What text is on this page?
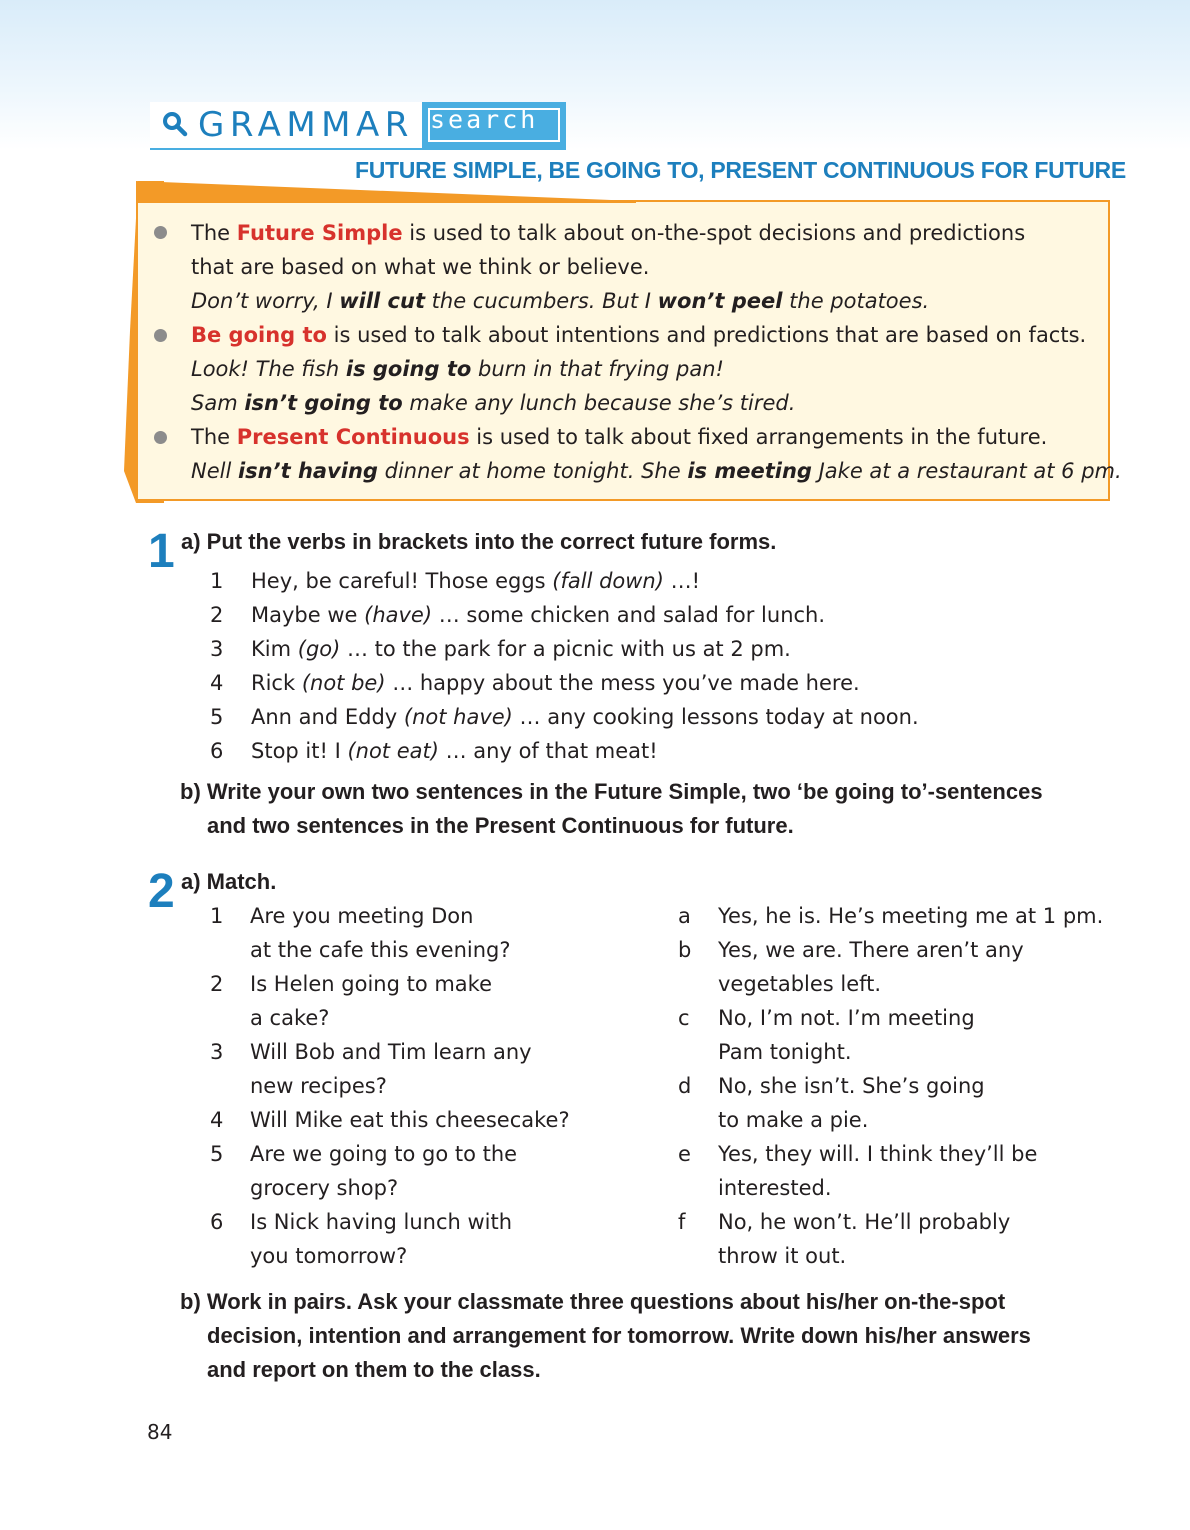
GRAMMAR search
FUTURE SIMPLE, BE GOING TO, PRESENT CONTINUOUS FOR FUTURE
The Future Simple is used to talk about on-the-spot decisions and predictions
that are based on what we think or believe.
Don’t worry, I will cut the cucumbers. But I won’t peel the potatoes.
Be going to is used to talk about intentions and predictions that are based on facts.
Look! The fish is going to burn in that frying pan!
Sam isn’t going to make any lunch because she’s tired.
The Present Continuous is used to talk about fixed arrangements in the future.
Nell isn’t having dinner at home tonight. She is meeting Jake at a restaurant at 6 pm.
1 a) Put the verbs in brackets into the correct future forms.
1 Hey, be careful! Those eggs (fall down) …!
2 Maybe we (have) … some chicken and salad for lunch.
3 Kim (go) … to the park for a picnic with us at 2 pm.
4 Rick (not be) … happy about the mess you’ve made here.
5 Ann and Eddy (not have) … any cooking lessons today at noon.
6 Stop it! I (not eat) … any of that meat!
b) Write your own two sentences in the Future Simple, two ‘be going to’-sentences
and two sentences in the Present Continuous for future.
2 a) Match.
1 Are you meeting Don
at the cafe this evening?
2 Is Helen going to make
a cake?
3 Will Bob and Tim learn any
new recipes?
4 Will Mike eat this cheesecake?
5 Are we going to go to the
grocery shop?
6 Is Nick having lunch with
you tomorrow?
a Yes, he is. He’s meeting me at 1 pm.
b Yes, we are. There aren’t any
vegetables left.
c No, I’m not. I’m meeting
Pam tonight.
d No, she isn’t. She’s going
to make a pie.
e Yes, they will. I think they’ll be
interested.
f No, he won’t. He’ll probably
throw it out.
b) Work in pairs. Ask your classmate three questions about his/her on-the-spot
decision, intention and arrangement for tomorrow. Write down his/her answers
and report on them to the class.
84
